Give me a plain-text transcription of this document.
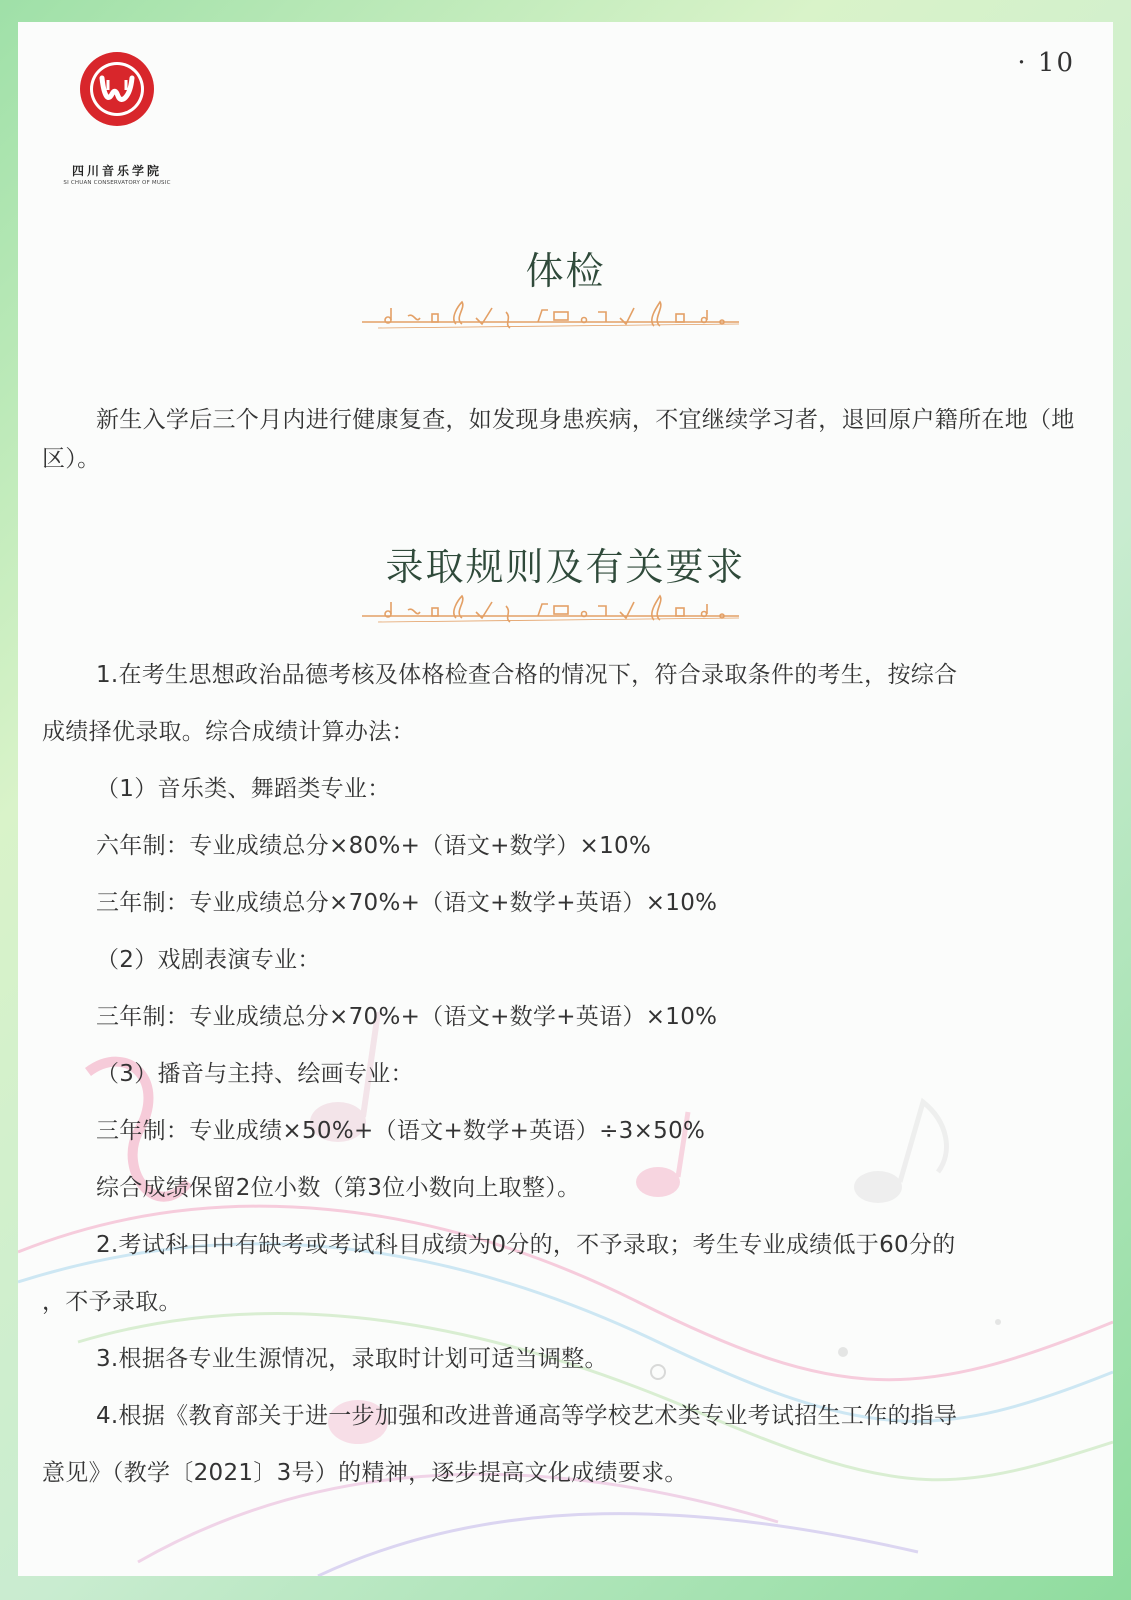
四川音乐学院
SI CHUAN CONSERVATORY OF MUSIC
· 10
体检

新生入学后三个月内进行健康复查，如发现身患疾病，不宜继续学习者，退回原户籍所在地（地区）。

录取规则及有关要求
1.在考生思想政治品德考核及体格检查合格的情况下，符合录取条件的考生，按综合
成绩择优录取。综合成绩计算办法：
（1）音乐类、舞蹈类专业：
六年制：专业成绩总分×80%+（语文+数学）×10%
三年制：专业成绩总分×70%+（语文+数学+英语）×10%
（2）戏剧表演专业：
三年制：专业成绩总分×70%+（语文+数学+英语）×10%
（3）播音与主持、绘画专业：
三年制：专业成绩×50%+（语文+数学+英语）÷3×50%
综合成绩保留2位小数（第3位小数向上取整）。
2.考试科目中有缺考或考试科目成绩为0分的，不予录取；考生专业成绩低于60分的
，不予录取。
3.根据各专业生源情况，录取时计划可适当调整。
4.根据《教育部关于进一步加强和改进普通高等学校艺术类专业考试招生工作的指导
意见》（教学〔2021〕3号）的精神，逐步提高文化成绩要求。
